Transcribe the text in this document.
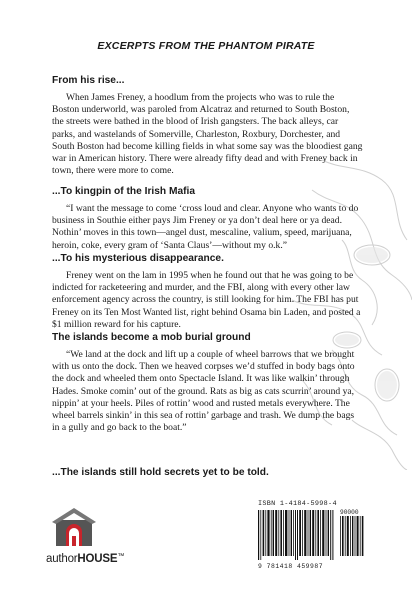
EXCERPTS FROM THE PHANTOM PIRATE
From his rise...

When James Freney, a hoodlum from the projects who was to rule the Boston underworld, was paroled from Alcatraz and returned to South Boston, the streets were bathed in the blood of Irish gangsters. The back alleys, car parks, and wastelands of Somerville, Charleston, Roxbury, Dorchester, and South Boston had become killing fields in what some say was the bloodiest gang war in American history. There were already fifty dead and with Freney back in town, there were more to come.

...To kingpin of the Irish Mafia

“I want the message to come ‘cross loud and clear. Anyone who wants to do business in Southie either pays Jim Freney or ya don’t deal here or ya dead. Nothin’ moves in this town—angel dust, mescaline, valium, speed, marijuana, heroin, coke, every gram of ‘Santa Claus’—without my o.k.”

...To his mysterious disappearance.

Freney went on the lam in 1995 when he found out that he was going to be indicted for racketeering and murder, and the FBI, along with every other law enforcement agency across the country, is still looking for him. The FBI has put Freney on its Ten Most Wanted list, right behind Osama bin Laden, and posted a $1 million reward for his capture.

The islands become a mob burial ground

“We land at the dock and lift up a couple of wheel barrows that we brought with us onto the dock. Then we heaved corpses we’d stuffed in body bags onto the dock and wheeled them onto Spectacle Island. It was like walkin’ through Hades. Smoke comin’ out of the ground. Rats as big as cats scurrin’ around ya, nippin’ at your heels. Piles of rottin’ wood and rusted metals everywhere. The wheel barrels sinkin’ in this sea of rottin’ garbage and trash. We dump the bags in a gully and go back to the boat.”

...The islands still hold secrets yet to be told.
authorHOUSE™
ISBN 1-4184-5998-4
90000
9 781418 459987
